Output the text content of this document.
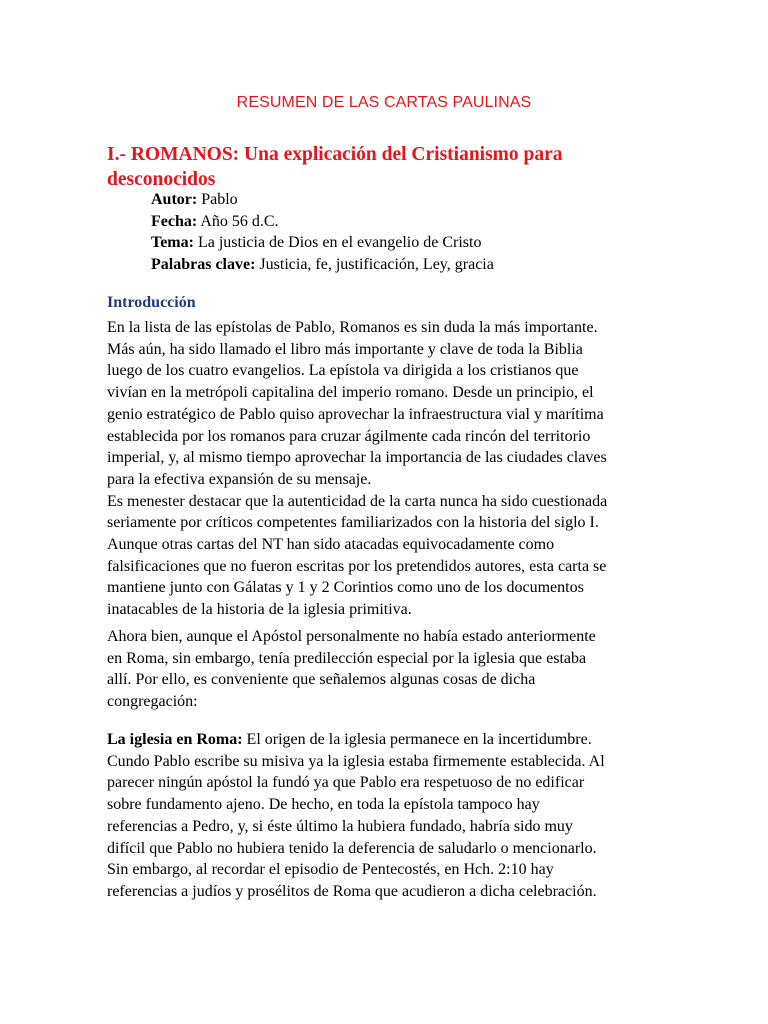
RESUMEN DE LAS CARTAS PAULINAS
I.- ROMANOS: Una explicación del Cristianismo para
desconocidos
Autor: Pablo
Fecha: Año 56 d.C.
Tema: La justicia de Dios en el evangelio de Cristo
Palabras clave: Justicia, fe, justificación, Ley, gracia
Introducción
En la lista de las epístolas de Pablo, Romanos es sin duda la más importante.
Más aún, ha sido llamado el libro más importante y clave de toda la Biblia
luego de los cuatro evangelios. La epístola va dirigida a los cristianos que
vivían en la metrópoli capitalina del imperio romano. Desde un principio, el
genio estratégico de Pablo quiso aprovechar la infraestructura vial y marítima
establecida por los romanos para cruzar ágilmente cada rincón del territorio
imperial, y, al mismo tiempo aprovechar la importancia de las ciudades claves
para la efectiva expansión de su mensaje.
Es menester destacar que la autenticidad de la carta nunca ha sido cuestionada
seriamente por críticos competentes familiarizados con la historia del siglo I.
Aunque otras cartas del NT han sido atacadas equivocadamente como
falsificaciones que no fueron escritas por los pretendidos autores, esta carta se
mantiene junto con Gálatas y 1 y 2 Corintios como uno de los documentos
inatacables de la historia de la iglesia primitiva.
Ahora bien, aunque el Apóstol personalmente no había estado anteriormente
en Roma, sin embargo, tenía predilección especial por la iglesia que estaba
allí. Por ello, es conveniente que señalemos algunas cosas de dicha
congregación:
La iglesia en Roma: El origen de la iglesia permanece en la incertidumbre.
Cundo Pablo escribe su misiva ya la iglesia estaba firmemente establecida. Al
parecer ningún apóstol la fundó ya que Pablo era respetuoso de no edificar
sobre fundamento ajeno. De hecho, en toda la epístola tampoco hay
referencias a Pedro, y, si éste último la hubiera fundado, habría sido muy
difícil que Pablo no hubiera tenido la deferencia de saludarlo o mencionarlo.
Sin embargo, al recordar el episodio de Pentecostés, en Hch. 2:10 hay
referencias a judíos y prosélitos de Roma que acudieron a dicha celebración.
